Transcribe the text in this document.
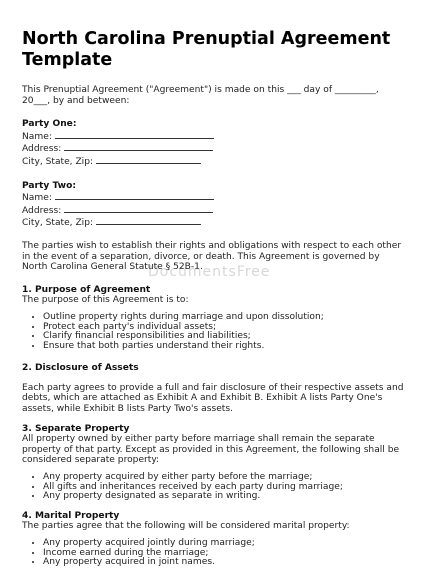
North Carolina Prenuptial Agreement Template

This Prenuptial Agreement ("Agreement") is made on this ___ day of _________, 20___, by and between:

Party One:

Name:

Address:

City, State, Zip:

Party Two:

Name:

Address:

City, State, Zip:

The parties wish to establish their rights and obligations with respect to each other in the event of a separation, divorce, or death. This Agreement is governed by North Carolina General Statute § 52B-1.

1. Purpose of Agreement

The purpose of this Agreement is to:

• Outline property rights during marriage and upon dissolution;
• Protect each party's individual assets;
• Clarify financial responsibilities and liabilities;
• Ensure that both parties understand their rights.

2. Disclosure of Assets

Each party agrees to provide a full and fair disclosure of their respective assets and debts, which are attached as Exhibit A and Exhibit B. Exhibit A lists Party One's assets, while Exhibit B lists Party Two's assets.

3. Separate Property

All property owned by either party before marriage shall remain the separate property of that party. Except as provided in this Agreement, the following shall be considered separate property:

• Any property acquired by either party before the marriage;
• All gifts and inheritances received by each party during marriage;
• Any property designated as separate in writing.

4. Marital Property

The parties agree that the following will be considered marital property:

• Any property acquired jointly during marriage;
• Income earned during the marriage;
• Any property acquired in joint names.
DocumentsFree
